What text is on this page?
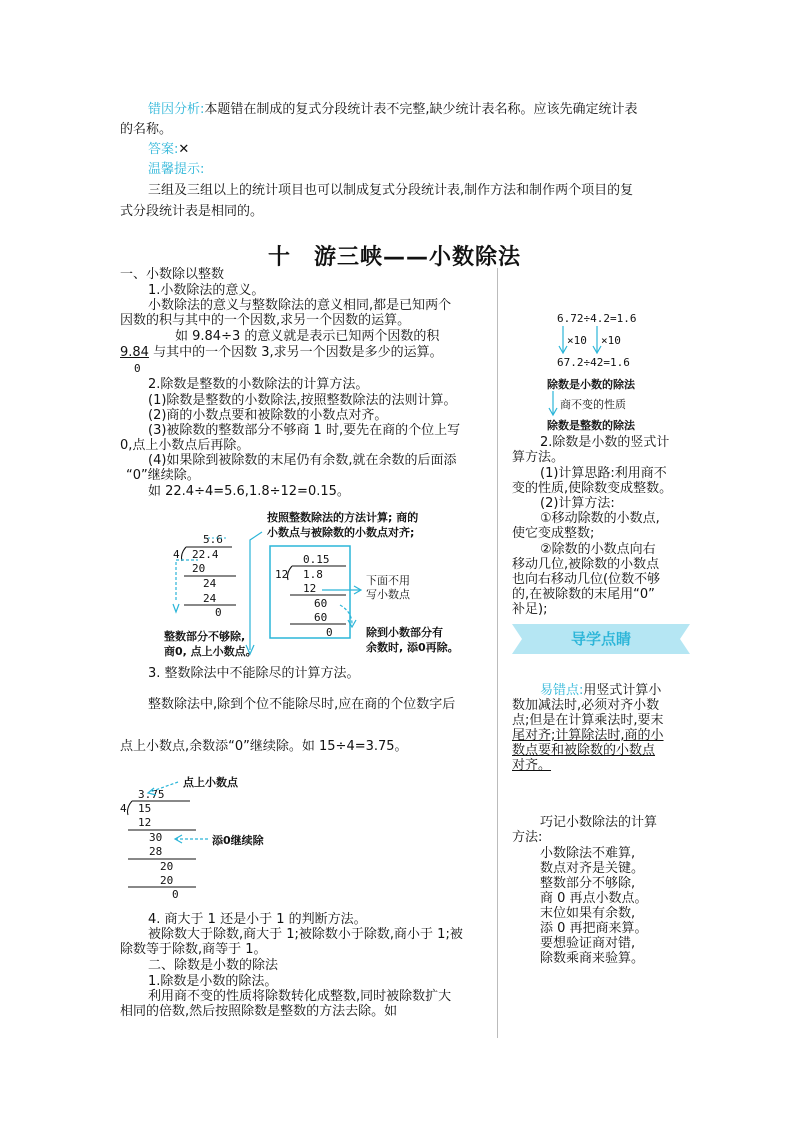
错因分析:本题错在制成的复式分段统计表不完整,缺少统计表名称。应该先确定统计表
的名称。
答案:✕
温馨提示:
三组及三组以上的统计项目也可以制成复式分段统计表,制作方法和制作两个项目的复
式分段统计表是相同的。
十　游三峡——小数除法
一、小数除以整数
1.小数除法的意义。
小数除法的意义与整数除法的意义相同,都是已知两个
因数的积与其中的一个因数,求另一个因数的运算。
如 9.84÷3 的意义就是表示已知两个因数的积
9.84 与其中的一个因数 3,求另一个因数是多少的运算。
0
2.除数是整数的小数除法的计算方法。
(1)除数是整数的小数除法,按照整数除法的法则计算。
(2)商的小数点要和被除数的小数点对齐。
(3)被除数的整数部分不够商 1 时,要先在商的个位上写
0,点上小数点后再除。
(4)如果除到被除数的末尾仍有余数,就在余数的后面添
“0”继续除。
如 22.4÷4=5.6,1.8÷12=0.15。
按照整数除法的方法计算; 商的
小数点与被除数的小数点对齐;
5.6
4 22.4
20
24
24
0
0.15
12 1.8
12
60
60
0
下面不用
写小数点
整数部分不够除,
商0, 点上小数点。
除到小数部分有
余数时, 添0再除。
3. 整数除法中不能除尽的计算方法。
整数除法中,除到个位不能除尽时,应在商的个位数字后
点上小数点,余数添“0”继续除。如 15÷4=3.75。
点上小数点
3.75
4 15
12
30
28
20
20
0
添0继续除
4. 商大于 1 还是小于 1 的判断方法。
被除数大于除数,商大于 1;被除数小于除数,商小于 1;被
除数等于除数,商等于 1。
二、除数是小数的除法
1.除数是小数的除法。
利用商不变的性质将除数转化成整数,同时被除数扩大
相同的倍数,然后按照除数是整数的方法去除。如
6.72÷4.2=1.6
×10 ×10
67.2÷42=1.6
除数是小数的除法
商不变的性质
除数是整数的除法
2.除数是小数的竖式计
算方法。
(1)计算思路:利用商不
变的性质,使除数变成整数。
(2)计算方法:
①移动除数的小数点,
使它变成整数;
②除数的小数点向右
移动几位,被除数的小数点
也向右移动几位(位数不够
的,在被除数的末尾用“0”
补足);
导学点睛
易错点:用竖式计算小
数加减法时,必须对齐小数
点;但是在计算乘法时,要末
尾对齐;计算除法时,商的小
数点要和被除数的小数点
对齐。
巧记小数除法的计算
方法:
小数除法不难算,
数点对齐是关键。
整数部分不够除,
商 0 再点小数点。
末位如果有余数,
添 0 再把商来算。
要想验证商对错,
除数乘商来验算。
